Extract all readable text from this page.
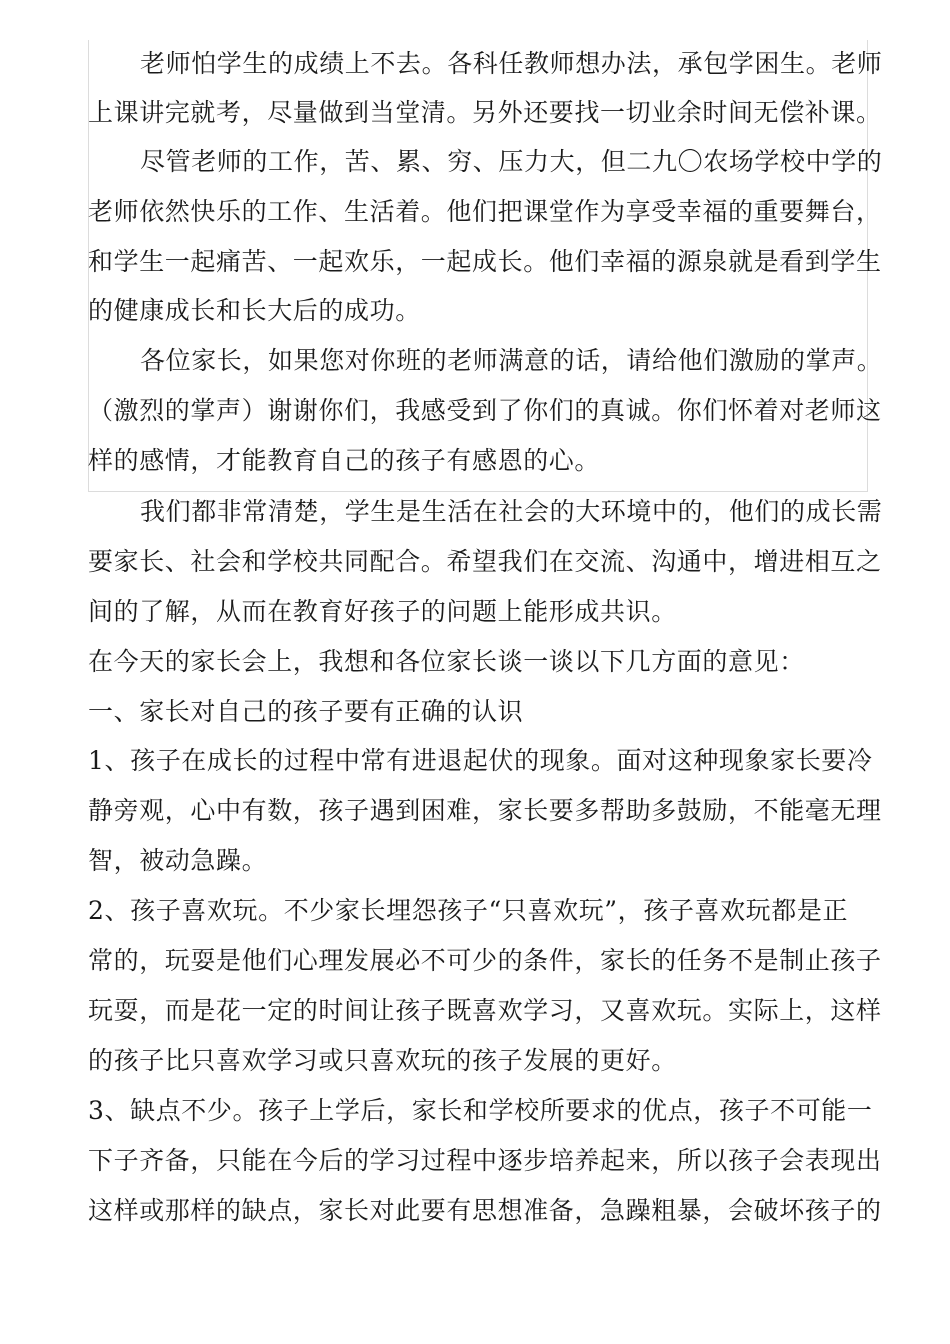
老师怕学生的成绩上不去。各科任教师想办法，承包学困生。老师
上课讲完就考，尽量做到当堂清。另外还要找一切业余时间无偿补课。
尽管老师的工作，苦、累、穷、压力大，但二九〇农场学校中学的
老师依然快乐的工作、生活着。他们把课堂作为享受幸福的重要舞台，
和学生一起痛苦、一起欢乐，一起成长。他们幸福的源泉就是看到学生
的健康成长和长大后的成功。
各位家长，如果您对你班的老师满意的话，请给他们激励的掌声。
（激烈的掌声）谢谢你们，我感受到了你们的真诚。你们怀着对老师这
样的感情，才能教育自己的孩子有感恩的心。
我们都非常清楚，学生是生活在社会的大环境中的，他们的成长需
要家长、社会和学校共同配合。希望我们在交流、沟通中，增进相互之
间的了解，从而在教育好孩子的问题上能形成共识。
在今天的家长会上，我想和各位家长谈一谈以下几方面的意见：
一、家长对自己的孩子要有正确的认识
1、孩子在成长的过程中常有进退起伏的现象。面对这种现象家长要冷
静旁观，心中有数，孩子遇到困难，家长要多帮助多鼓励，不能毫无理
智，被动急躁。
2、孩子喜欢玩。不少家长埋怨孩子“只喜欢玩”，孩子喜欢玩都是正
常的，玩耍是他们心理发展必不可少的条件，家长的任务不是制止孩子
玩耍，而是花一定的时间让孩子既喜欢学习，又喜欢玩。实际上，这样
的孩子比只喜欢学习或只喜欢玩的孩子发展的更好。
3、缺点不少。孩子上学后，家长和学校所要求的优点，孩子不可能一
下子齐备，只能在今后的学习过程中逐步培养起来，所以孩子会表现出
这样或那样的缺点，家长对此要有思想准备，急躁粗暴，会破坏孩子的
